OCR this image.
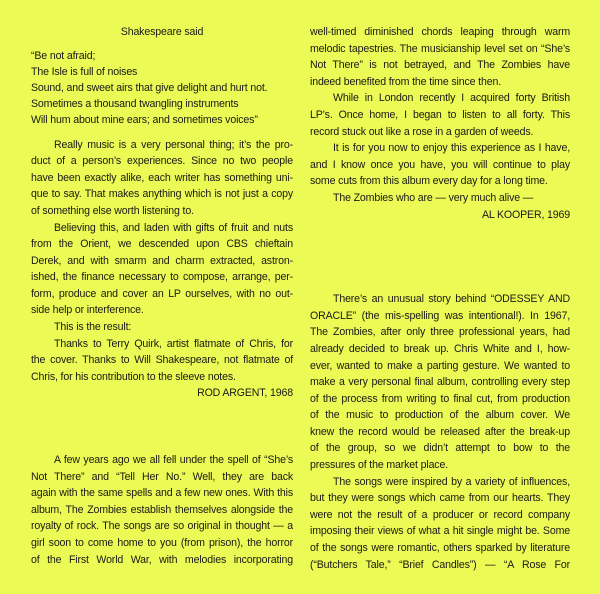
Shakespeare said
“Be not afraid;
The Isle is full of noises
Sound, and sweet airs that give delight and hurt not.
Sometimes a thousand twangling instruments
Will hum about mine ears; and sometimes voices”
Really music is a very personal thing; it’s the pro-
duct of a person’s experiences. Since no two people
have been exactly alike, each writer has something uni-
que to say. That makes anything which is not just a copy
of something else worth listening to.
Believing this, and laden with gifts of fruit and nuts
from the Orient, we descended upon CBS chieftain
Derek, and with smarm and charm extracted, astron-
ished, the finance necessary to compose, arrange, per-
form, produce and cover an LP ourselves, with no out-
side help or interference.
This is the result:
Thanks to Terry Quirk, artist flatmate of Chris, for
the cover. Thanks to Will Shakespeare, not flatmate of
Chris, for his contribution to the sleeve notes.
ROD ARGENT, 1968
A few years ago we all fell under the spell of “She’s
Not There” and “Tell Her No.” Well, they are back
again with the same spells and a few new ones. With this
album, The Zombies establish themselves alongside the
royalty of rock. The songs are so original in thought — a
girl soon to come home to you (from prison), the horror
of the First World War, with melodies incorporating
well-timed diminished chords leaping through warm
melodic tapestries. The musicianship level set on “She’s
Not There” is not betrayed, and The Zombies have
indeed benefited from the time since then.
While in London recently I acquired forty British
LP’s. Once home, I began to listen to all forty. This
record stuck out like a rose in a garden of weeds.
It is for you now to enjoy this experience as I have,
and I know once you have, you will continue to play
some cuts from this album every day for a long time.
The Zombies who are — very much alive —
AL KOOPER, 1969
There’s an unusual story behind “ODESSEY AND
ORACLE” (the mis-spelling was intentional!). In 1967,
The Zombies, after only three professional years, had
already decided to break up. Chris White and I, how-
ever, wanted to make a parting gesture. We wanted to
make a very personal final album, controlling every step
of the process from writing to final cut, from production
of the music to production of the album cover. We
knew the record would be released after the break-up
of the group, so we didn’t attempt to bow to the
pressures of the market place.
The songs were inspired by a variety of influences,
but they were songs which came from our hearts. They
were not the result of a producer or record company
imposing their views of what a hit single might be. Some
of the songs were romantic, others sparked by literature
(“Butchers Tale,” “Brief Candles”) — “A Rose For
